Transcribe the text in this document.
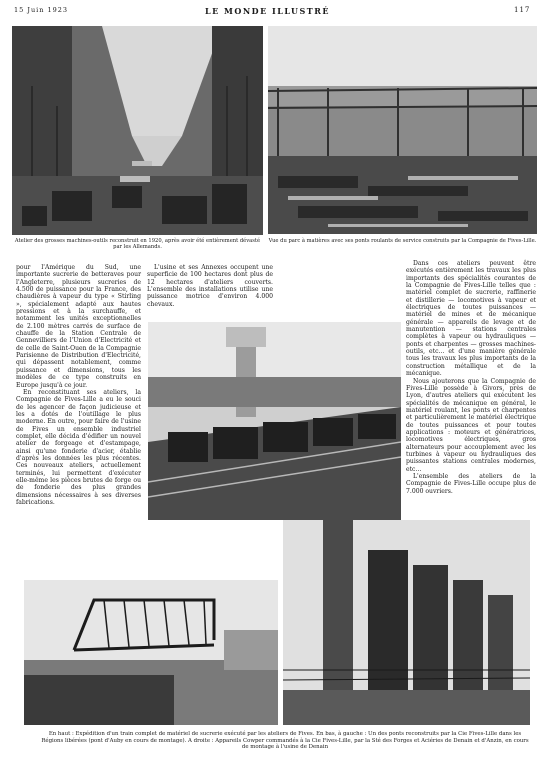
15 Juin 1923	LE MONDE ILLUSTRÉ	117
Atelier des grosses machines-outils reconstruit en 1920, après avoir été entièrement dévasté par les Allemands.
Vue du parc à matières avec ses ponts roulants de service construits par la Compagnie de Fives-Lille.

pour l'Amérique du Sud, une importante sucrerie de betteraves pour l'Angleterre, plusieurs sucreries de 4.500 de puissance pour la France, des chaudières à vapeur du type « Stirling », spécialement adapté aux hautes pressions et à la surchauffe, et notamment les unités exceptionnelles de 2.100 mètres carrés de surface de chauffe de la Station Centrale de Gennevilliers de l'Union d'Electricité et de celle de Saint-Ouen de la Compagnie Parisienne de Distribution d'Electricité, qui dépassent notablement, comme puissance et dimensions, tous les modèles de ce type construits en Europe jusqu'à ce jour.

En reconstituant ses ateliers, la Compagnie de Fives-Lille a eu le souci de les agencer de façon judicieuse et les a dotés de l'outillage le plus moderne. En outre, pour faire de l'usine de Fives un ensemble industriel complet, elle décida d'édifier un nouvel atelier de forgeage et d'estampage, ainsi qu'une fonderie d'acier, établie d'après les données les plus récentes. Ces nouveaux ateliers, actuellement terminés, lui permettent d'exécuter elle-même les pièces brutes de forge ou de fonderie des plus grandes dimensions nécessaires à ses diverses fabrications.

L'usine et ses Annexes occupent une superficie de 100 hectares dont plus de 12 hectares d'ateliers couverts. L'ensemble des installations utilise une puissance motrice d'environ 4.000 chevaux.

Dans ces ateliers peuvent être exécutés entièrement les travaux les plus importants des spécialités courantes de la Compagnie de Fives-Lille telles que : matériel complet de sucrerie, raffinerie et distillerie — locomotives à vapeur et électriques de toutes puissances — matériel de mines et de mécanique générale — appareils de levage et de manutention — stations centrales complètes à vapeur ou hydrauliques — ponts et charpentes — grosses machines-outils, etc... et d'une manière générale tous les travaux les plus importants de la construction métallique et de la mécanique.

Nous ajouterons que la Compagnie de Fives-Lille possède à Givors, près de Lyon, d'autres ateliers qui exécutent les spécialités de mécanique en général, le matériel roulant, les ponts et charpentes et particulièrement le matériel électrique de toutes puissances et pour toutes applications : moteurs et génératrices, locomotives électriques, gros alternateurs pour accouplement avec les turbines à vapeur ou hydrauliques des puissantes stations centrales modernes, etc...

L'ensemble des ateliers de la Compagnie de Fives-Lille occupe plus de 7.000 ouvriers.

En haut : Expédition d'un train complet de matériel de sucrerie exécuté par les ateliers de Fives. En bas, à gauche : Un des ponts reconstruits par la Cie Fives-Lille dans les Régions libérées (pont d'Auby en cours de montage). A droite : Appareils Cowper commandés à la Cie Fives-Lille, par la Sté des Forges et Aciéries de Denain et d'Anzin, en cours de montage à l'usine de Denain
